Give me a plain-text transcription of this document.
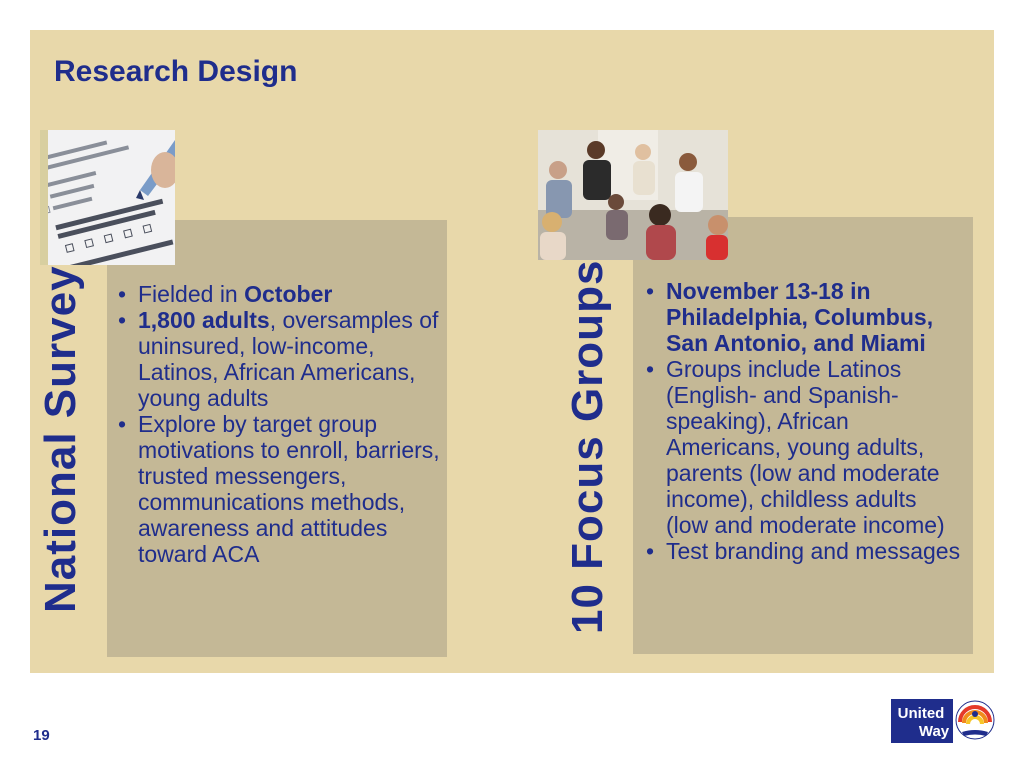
Research Design
National Survey	• Fielded in October
• 1,800 adults, oversamples of uninsured, low-income, Latinos, African Americans, young adults
• Explore by target group motivations to enroll, barriers, trusted messengers, communications methods, awareness and attitudes toward ACA	10 Focus Groups	• November 13-18 in Philadelphia, Columbus, San Antonio, and Miami
• Groups include Latinos (English- and Spanish-speaking), African Americans, young adults, parents (low and moderate income), childless adults (low and moderate income)
• Test branding and messages
19
United
Way
